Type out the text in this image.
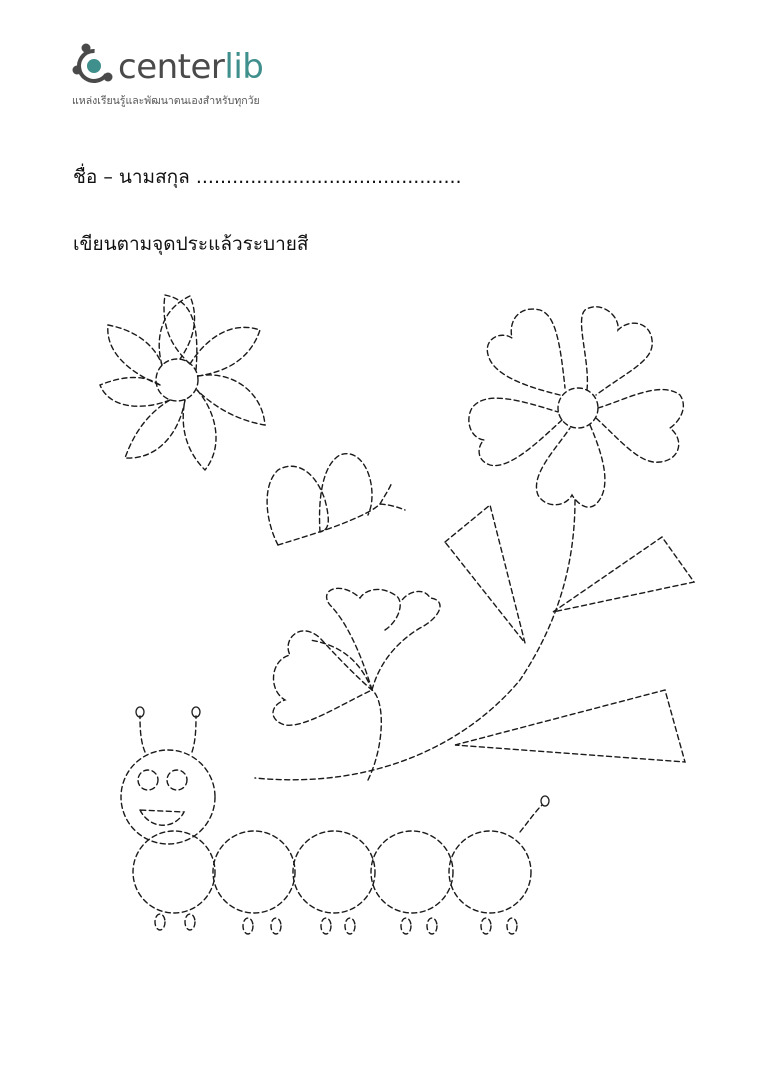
centerlib
แหล่งเรียนรู้และพัฒนาตนเองสำหรับทุกวัย
ชื่อ – นามสกุล ............................................
เขียนตามจุดประแล้วระบายสี
